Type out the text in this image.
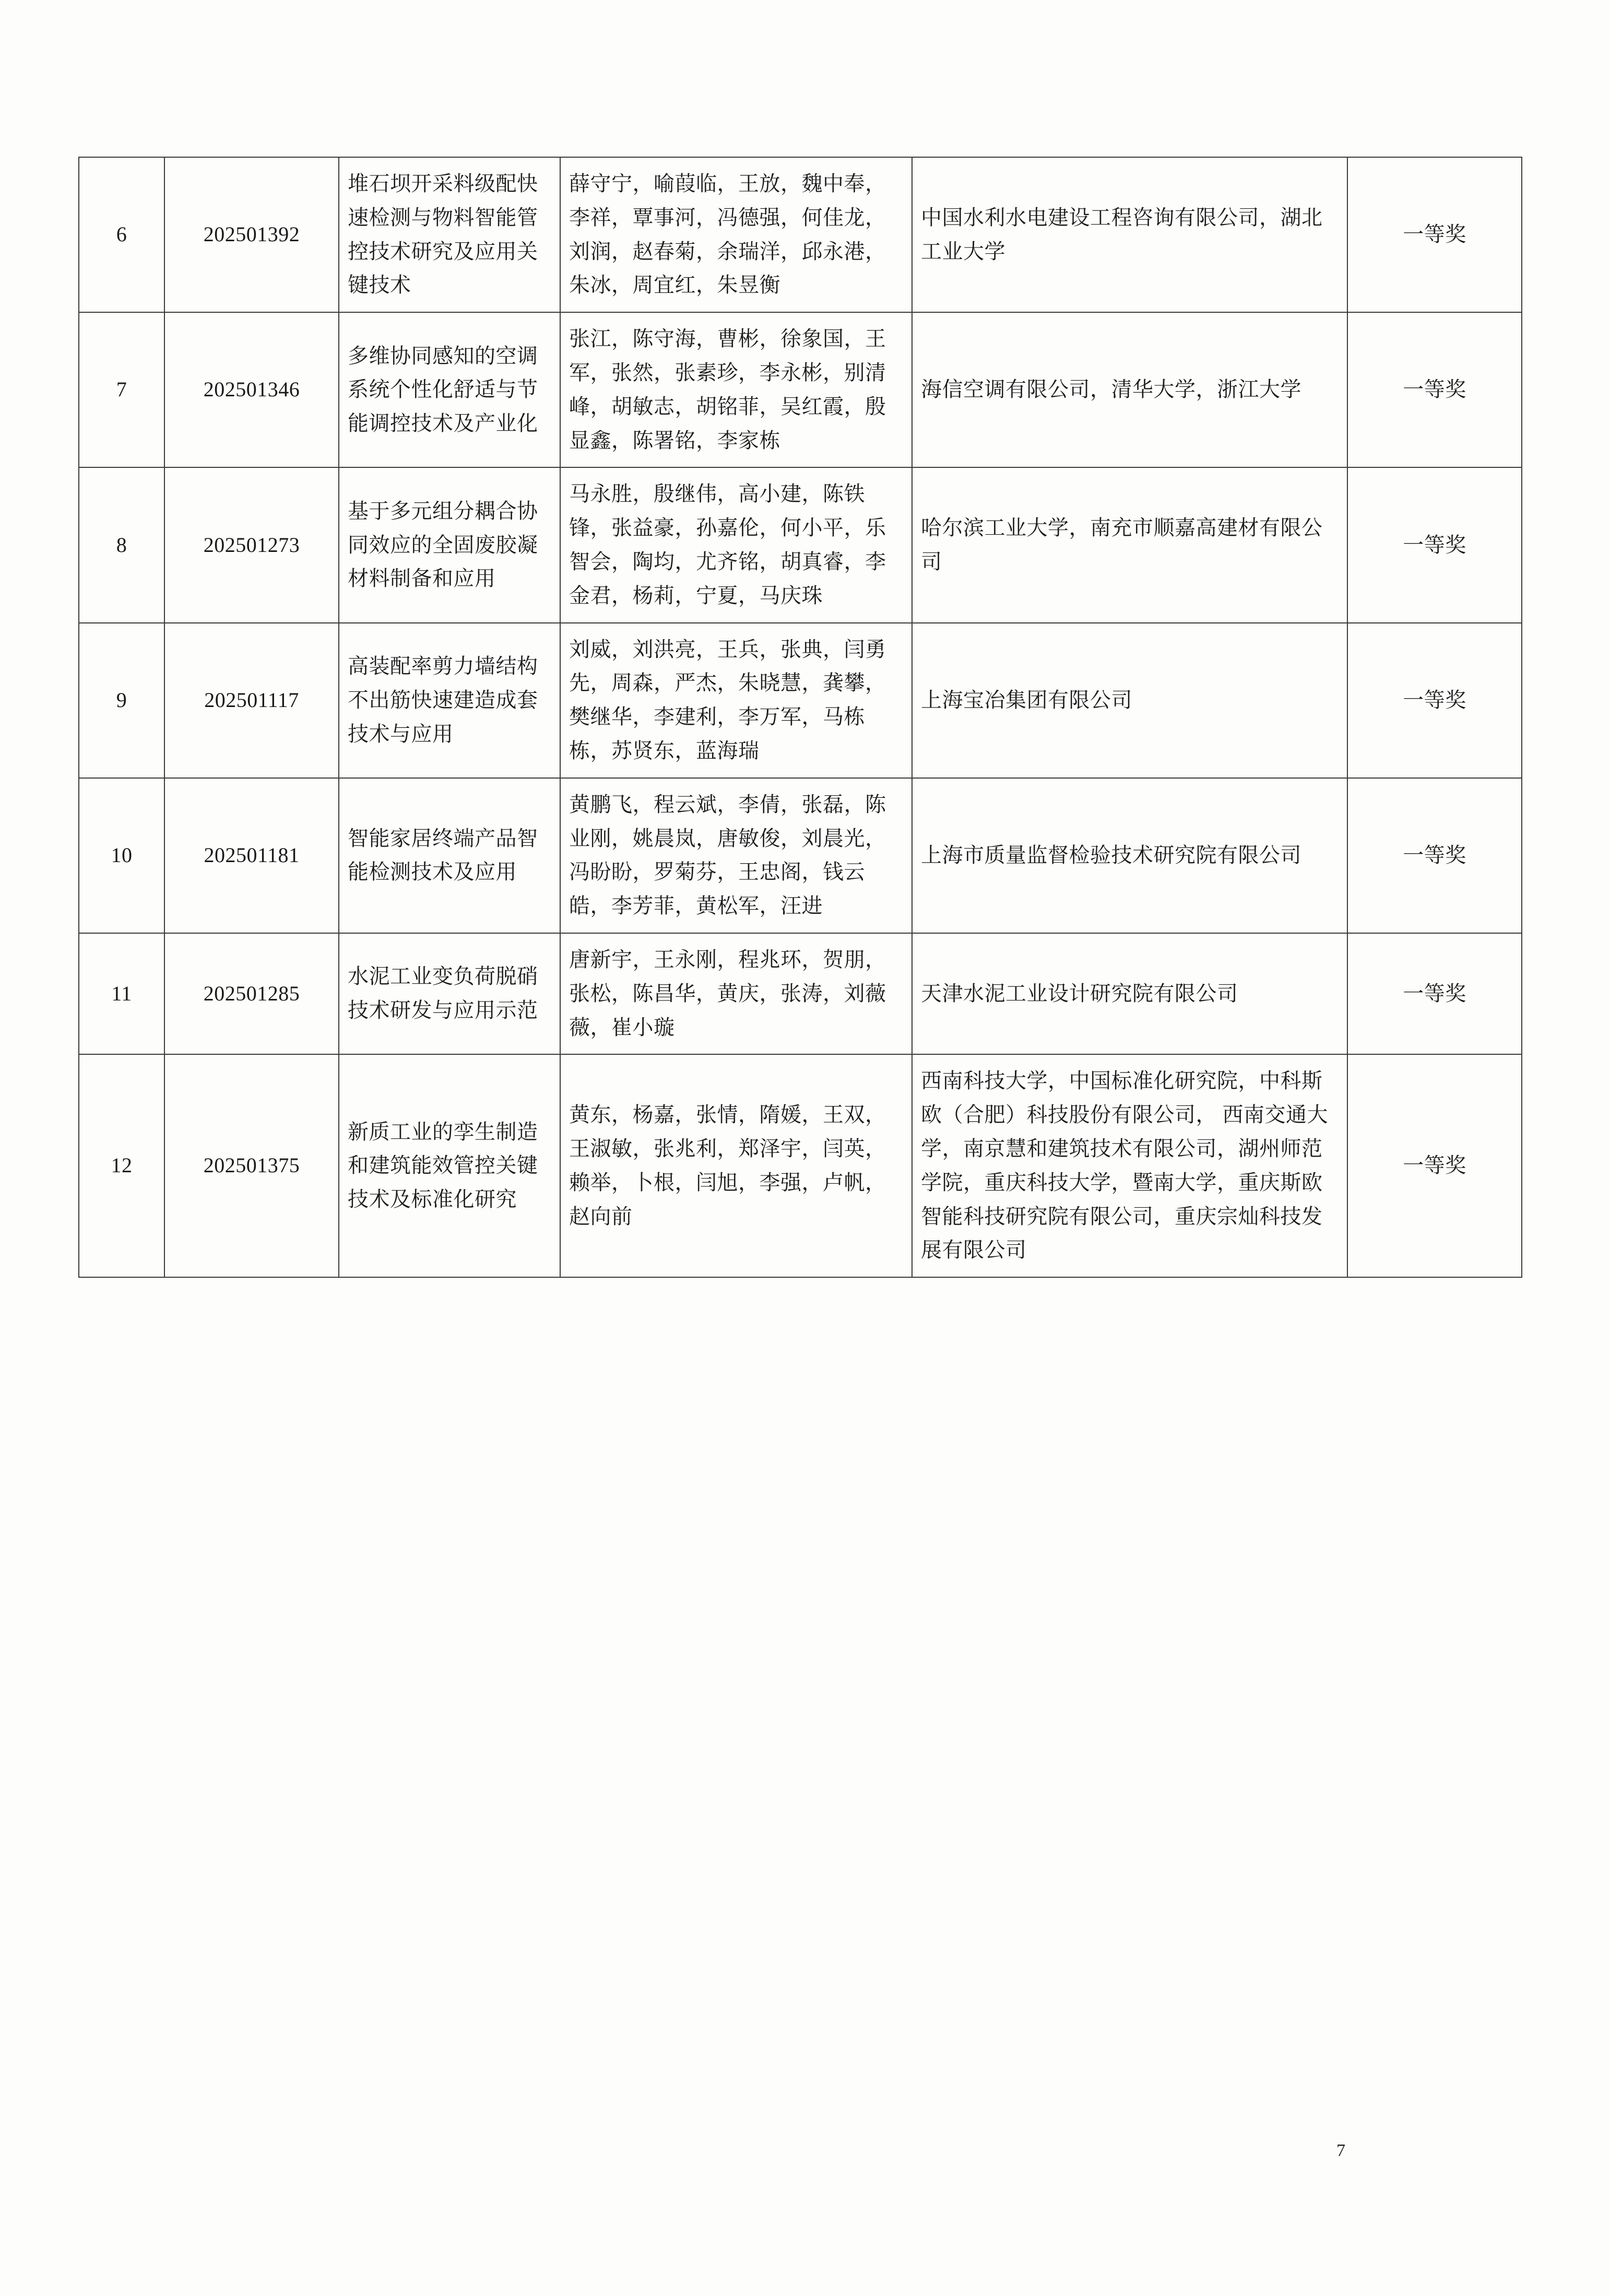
6	202501392	堆石坝开采料级配快速检测与物料智能管控技术研究及应用关键技术	薛守宁，喻葭临，王放，魏中奉，李祥，覃事河，冯德强，何佳龙，刘润，赵春菊，余瑞洋，邱永港，朱冰，周宜红，朱昱衡	中国水利水电建设工程咨询有限公司，湖北工业大学	一等奖

7	202501346	多维协同感知的空调系统个性化舒适与节能调控技术及产业化	张江，陈守海，曹彬，徐象国，王军，张然，张素珍，李永彬，别清峰，胡敏志，胡铭菲，吴红霞，殷显鑫，陈署铭，李家栋	海信空调有限公司，清华大学，浙江大学	一等奖

8	202501273	基于多元组分耦合协同效应的全固废胶凝材料制备和应用	马永胜，殷继伟，高小建，陈铁锋，张益豪，孙嘉伦，何小平，乐智会，陶均，尤齐铭，胡真睿，李金君，杨莉，宁夏，马庆珠	哈尔滨工业大学，南充市顺嘉高建材有限公司	一等奖

9	202501117	高装配率剪力墙结构不出筋快速建造成套技术与应用	刘威，刘洪亮，王兵，张典，闫勇先，周森，严杰，朱晓慧，龚攀，樊继华，李建利，李万军，马栋栋，苏贤东，蓝海瑞	上海宝冶集团有限公司	一等奖

10	202501181	智能家居终端产品智能检测技术及应用	黄鹏飞，程云斌，李倩，张磊，陈业刚，姚晨岚，唐敏俊，刘晨光，冯盼盼，罗菊芬，王忠阁，钱云皓，李芳菲，黄松军，汪进	上海市质量监督检验技术研究院有限公司	一等奖

11	202501285	水泥工业变负荷脱硝技术研发与应用示范	唐新宇，王永刚，程兆环，贺朋，张松，陈昌华，黄庆，张涛，刘薇薇，崔小璇	天津水泥工业设计研究院有限公司	一等奖

12	202501375	新质工业的孪生制造和建筑能效管控关键技术及标准化研究	黄东，杨嘉，张情，隋媛，王双，王淑敏，张兆利，郑泽宇，闫英，赖举，卜根，闫旭，李强，卢帆，赵向前	西南科技大学，中国标准化研究院，中科斯欧（合肥）科技股份有限公司， 西南交通大学，南京慧和建筑技术有限公司，湖州师范学院，重庆科技大学，暨南大学，重庆斯欧智能科技研究院有限公司，重庆宗灿科技发展有限公司	一等奖
7
